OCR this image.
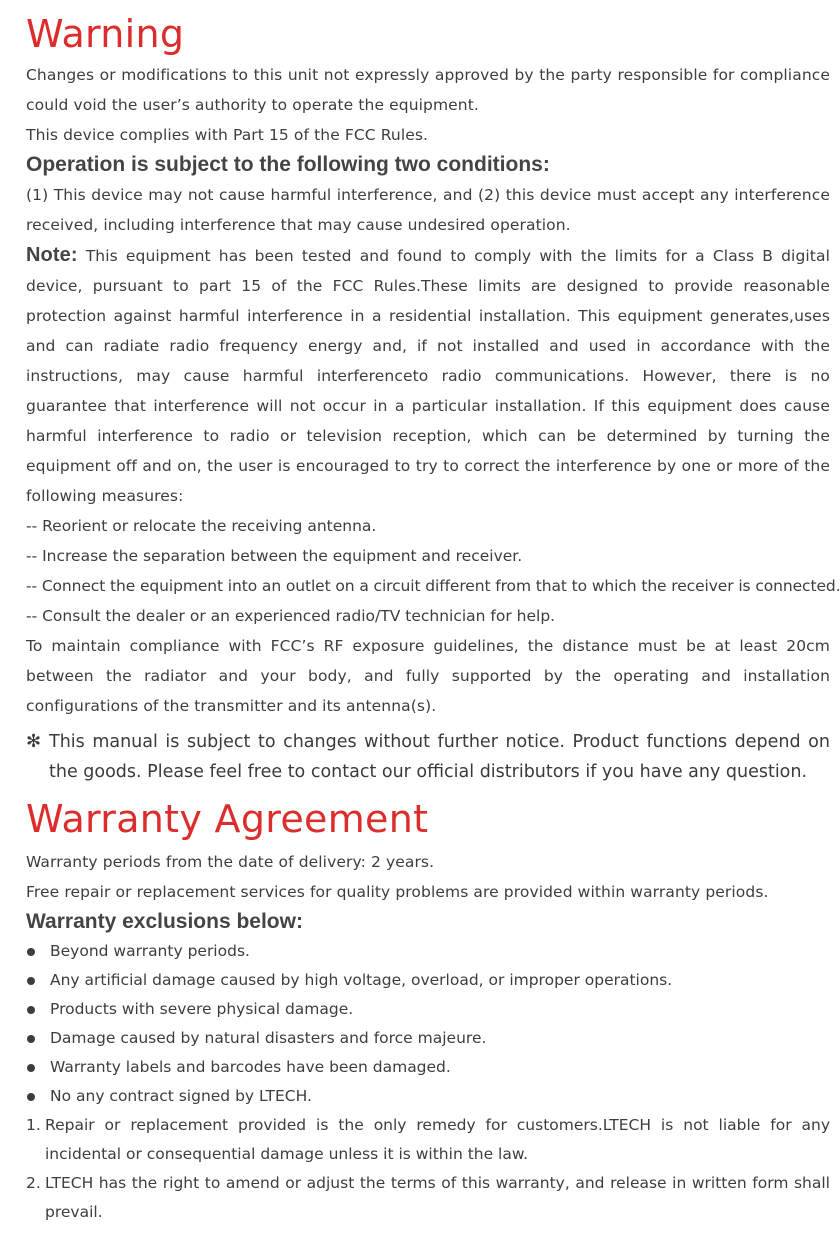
Warning

Changes or modifications to this unit not expressly approved by the party responsible for compliance could void the user’s authority to operate the equipment.

This device complies with Part 15 of the FCC Rules.

Operation is subject to the following two conditions:

(1) This device may not cause harmful interference, and (2) this device must accept any interference received, including interference that may cause undesired operation.

Note: This equipment has been tested and found to comply with the limits for a Class B digital device, pursuant to part 15 of the FCC Rules.These limits are designed to provide reasonable protection against harmful interference in a residential installation. This equipment generates,uses and can radiate radio frequency energy and, if not installed and used in accordance with the instructions, may cause harmful interferenceto radio communications. However, there is no guarantee that interference will not occur in a particular installation. If this equipment does cause harmful interference to radio or television reception, which can be determined by turning the equipment off and on, the user is encouraged to try to correct the interference by one or more of the following measures:

-- Reorient or relocate the receiving antenna.

-- Increase the separation between the equipment and receiver.

-- Connect the equipment into an outlet on a circuit different from that to which the receiver is connected.

-- Consult the dealer or an experienced radio/TV technician for help.

To maintain compliance with FCC’s RF exposure guidelines, the distance must be at least 20cm between the radiator and your body, and fully supported by the operating and installation configurations of the transmitter and its antenna(s).

✻ This manual is subject to changes without further notice. Product functions depend on the goods. Please feel free to contact our official distributors if you have any question.

Warranty Agreement

Warranty periods from the date of delivery: 2 years.

Free repair or replacement services for quality problems are provided within warranty periods.

Warranty exclusions below:

Beyond warranty periods.
Any artificial damage caused by high voltage, overload, or improper operations.
Products with severe physical damage.
Damage caused by natural disasters and force majeure.
Warranty labels and barcodes have been damaged.
No any contract signed by LTECH.

1. Repair or replacement provided is the only remedy for customers.LTECH is not liable for any incidental or consequential damage unless it is within the law.

2. LTECH has the right to amend or adjust the terms of this warranty, and release in written form shall prevail.
